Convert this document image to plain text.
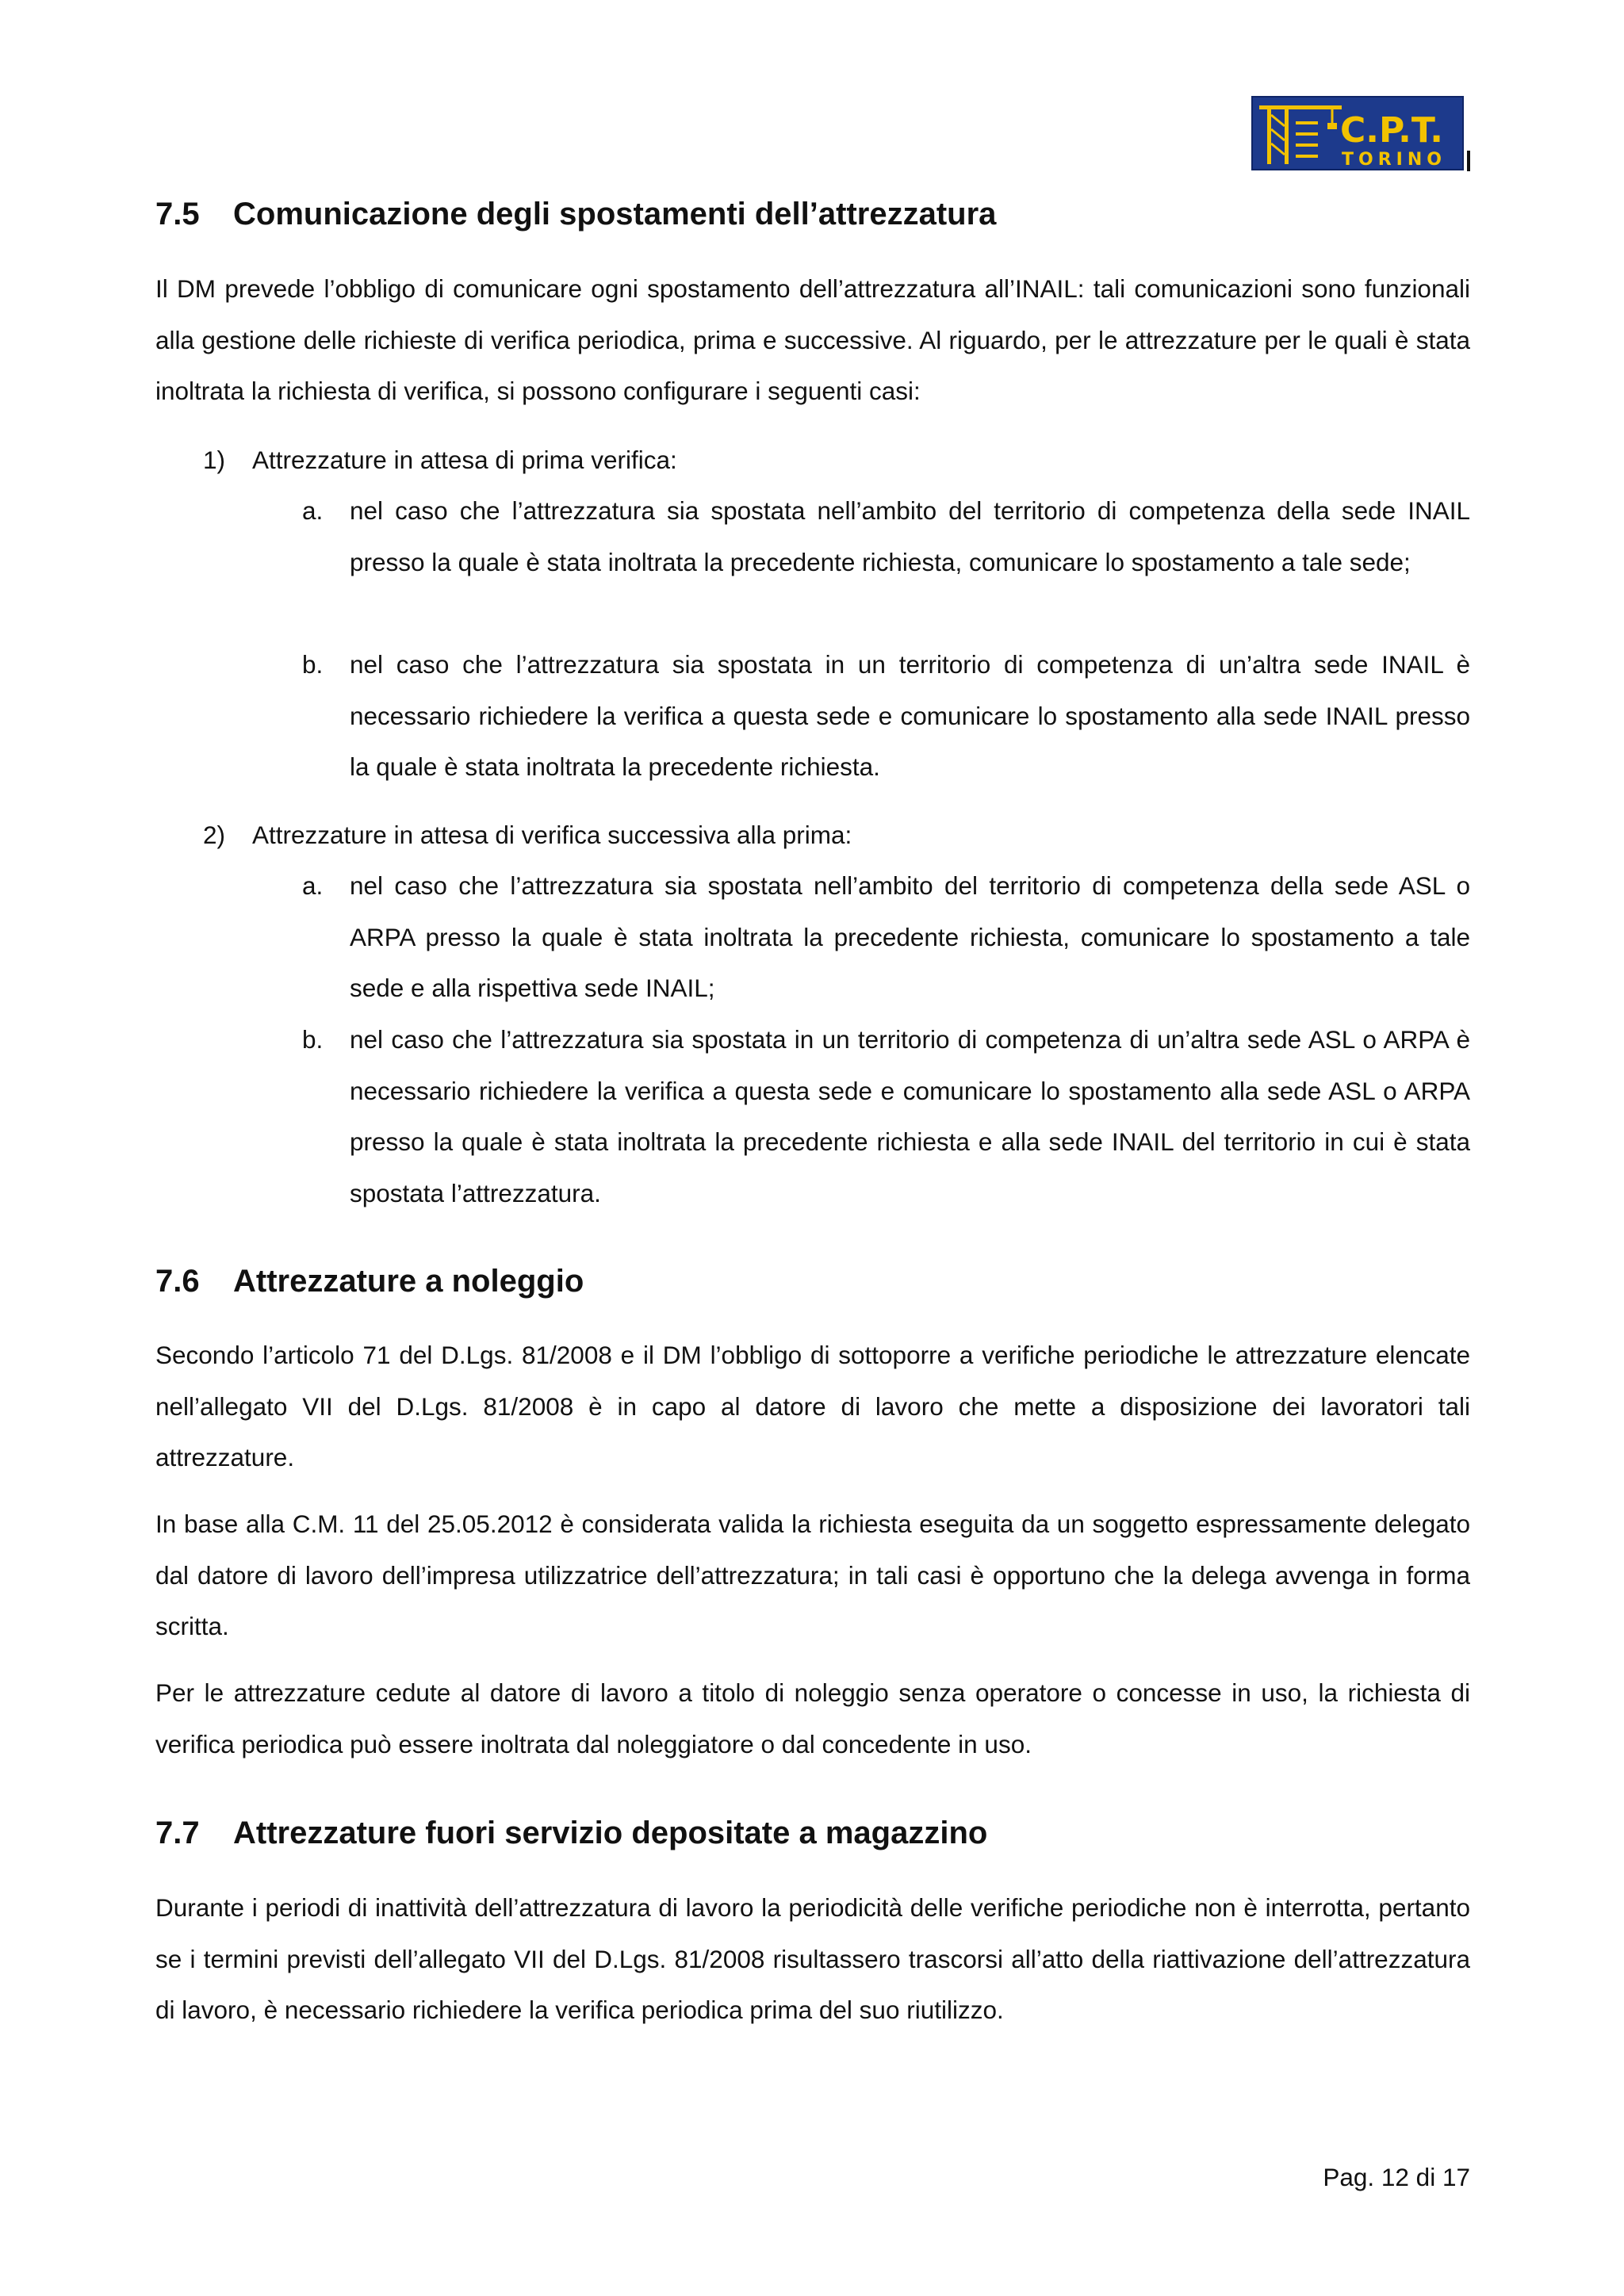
C.P.T.
TORINO
7.5 Comunicazione degli spostamenti dell’attrezzatura

Il DM prevede l’obbligo di comunicare ogni spostamento dell’attrezzatura all’INAIL: tali comunicazioni sono funzionali alla gestione delle richieste di verifica periodica, prima e successive. Al riguardo, per le attrezzature per le quali è stata inoltrata la richiesta di verifica, si possono configurare i seguenti casi:

1) Attrezzature in attesa di prima verifica:
a.	nel caso che l’attrezzatura sia spostata nell’ambito del territorio di competenza della sede INAIL presso la quale è stata inoltrata la precedente richiesta, comunicare lo spostamento a tale sede;
b.	nel caso che l’attrezzatura sia spostata in un territorio di competenza di un’altra sede INAIL è necessario richiedere la verifica a questa sede e comunicare lo spostamento alla sede INAIL presso la quale è stata inoltrata la precedente richiesta.
2) Attrezzature in attesa di verifica successiva alla prima:
a.	nel caso che l’attrezzatura sia spostata nell’ambito del territorio di competenza della sede ASL o ARPA presso la quale è stata inoltrata la precedente richiesta, comunicare lo spostamento a tale sede e alla rispettiva sede INAIL;
b.	nel caso che l’attrezzatura sia spostata in un territorio di competenza di un’altra sede ASL o ARPA è necessario richiedere la verifica a questa sede e comunicare lo spostamento alla sede ASL o ARPA presso la quale è stata inoltrata la precedente richiesta e alla sede INAIL del territorio in cui è stata spostata l’attrezzatura.
7.6 Attrezzature a noleggio

Secondo l’articolo 71 del D.Lgs. 81/2008 e il DM l’obbligo di sottoporre a verifiche periodiche le attrezzature elencate nell’allegato VII del D.Lgs. 81/2008 è in capo al datore di lavoro che mette a disposizione dei lavoratori tali attrezzature.

In base alla C.M. 11 del 25.05.2012 è considerata valida la richiesta eseguita da un soggetto espressamente delegato dal datore di lavoro dell’impresa utilizzatrice dell’attrezzatura; in tali casi è opportuno che la delega avvenga in forma scritta.

Per le attrezzature cedute al datore di lavoro a titolo di noleggio senza operatore o concesse in uso, la richiesta di verifica periodica può essere inoltrata dal noleggiatore o dal concedente in uso.

7.7 Attrezzature fuori servizio depositate a magazzino

Durante i periodi di inattività dell’attrezzatura di lavoro la periodicità delle verifiche periodiche non è interrotta, pertanto se i termini previsti dell’allegato VII del D.Lgs. 81/2008 risultassero trascorsi all’atto della riattivazione dell’attrezzatura di lavoro, è necessario richiedere la verifica periodica prima del suo riutilizzo.

Pag. 12 di 17
